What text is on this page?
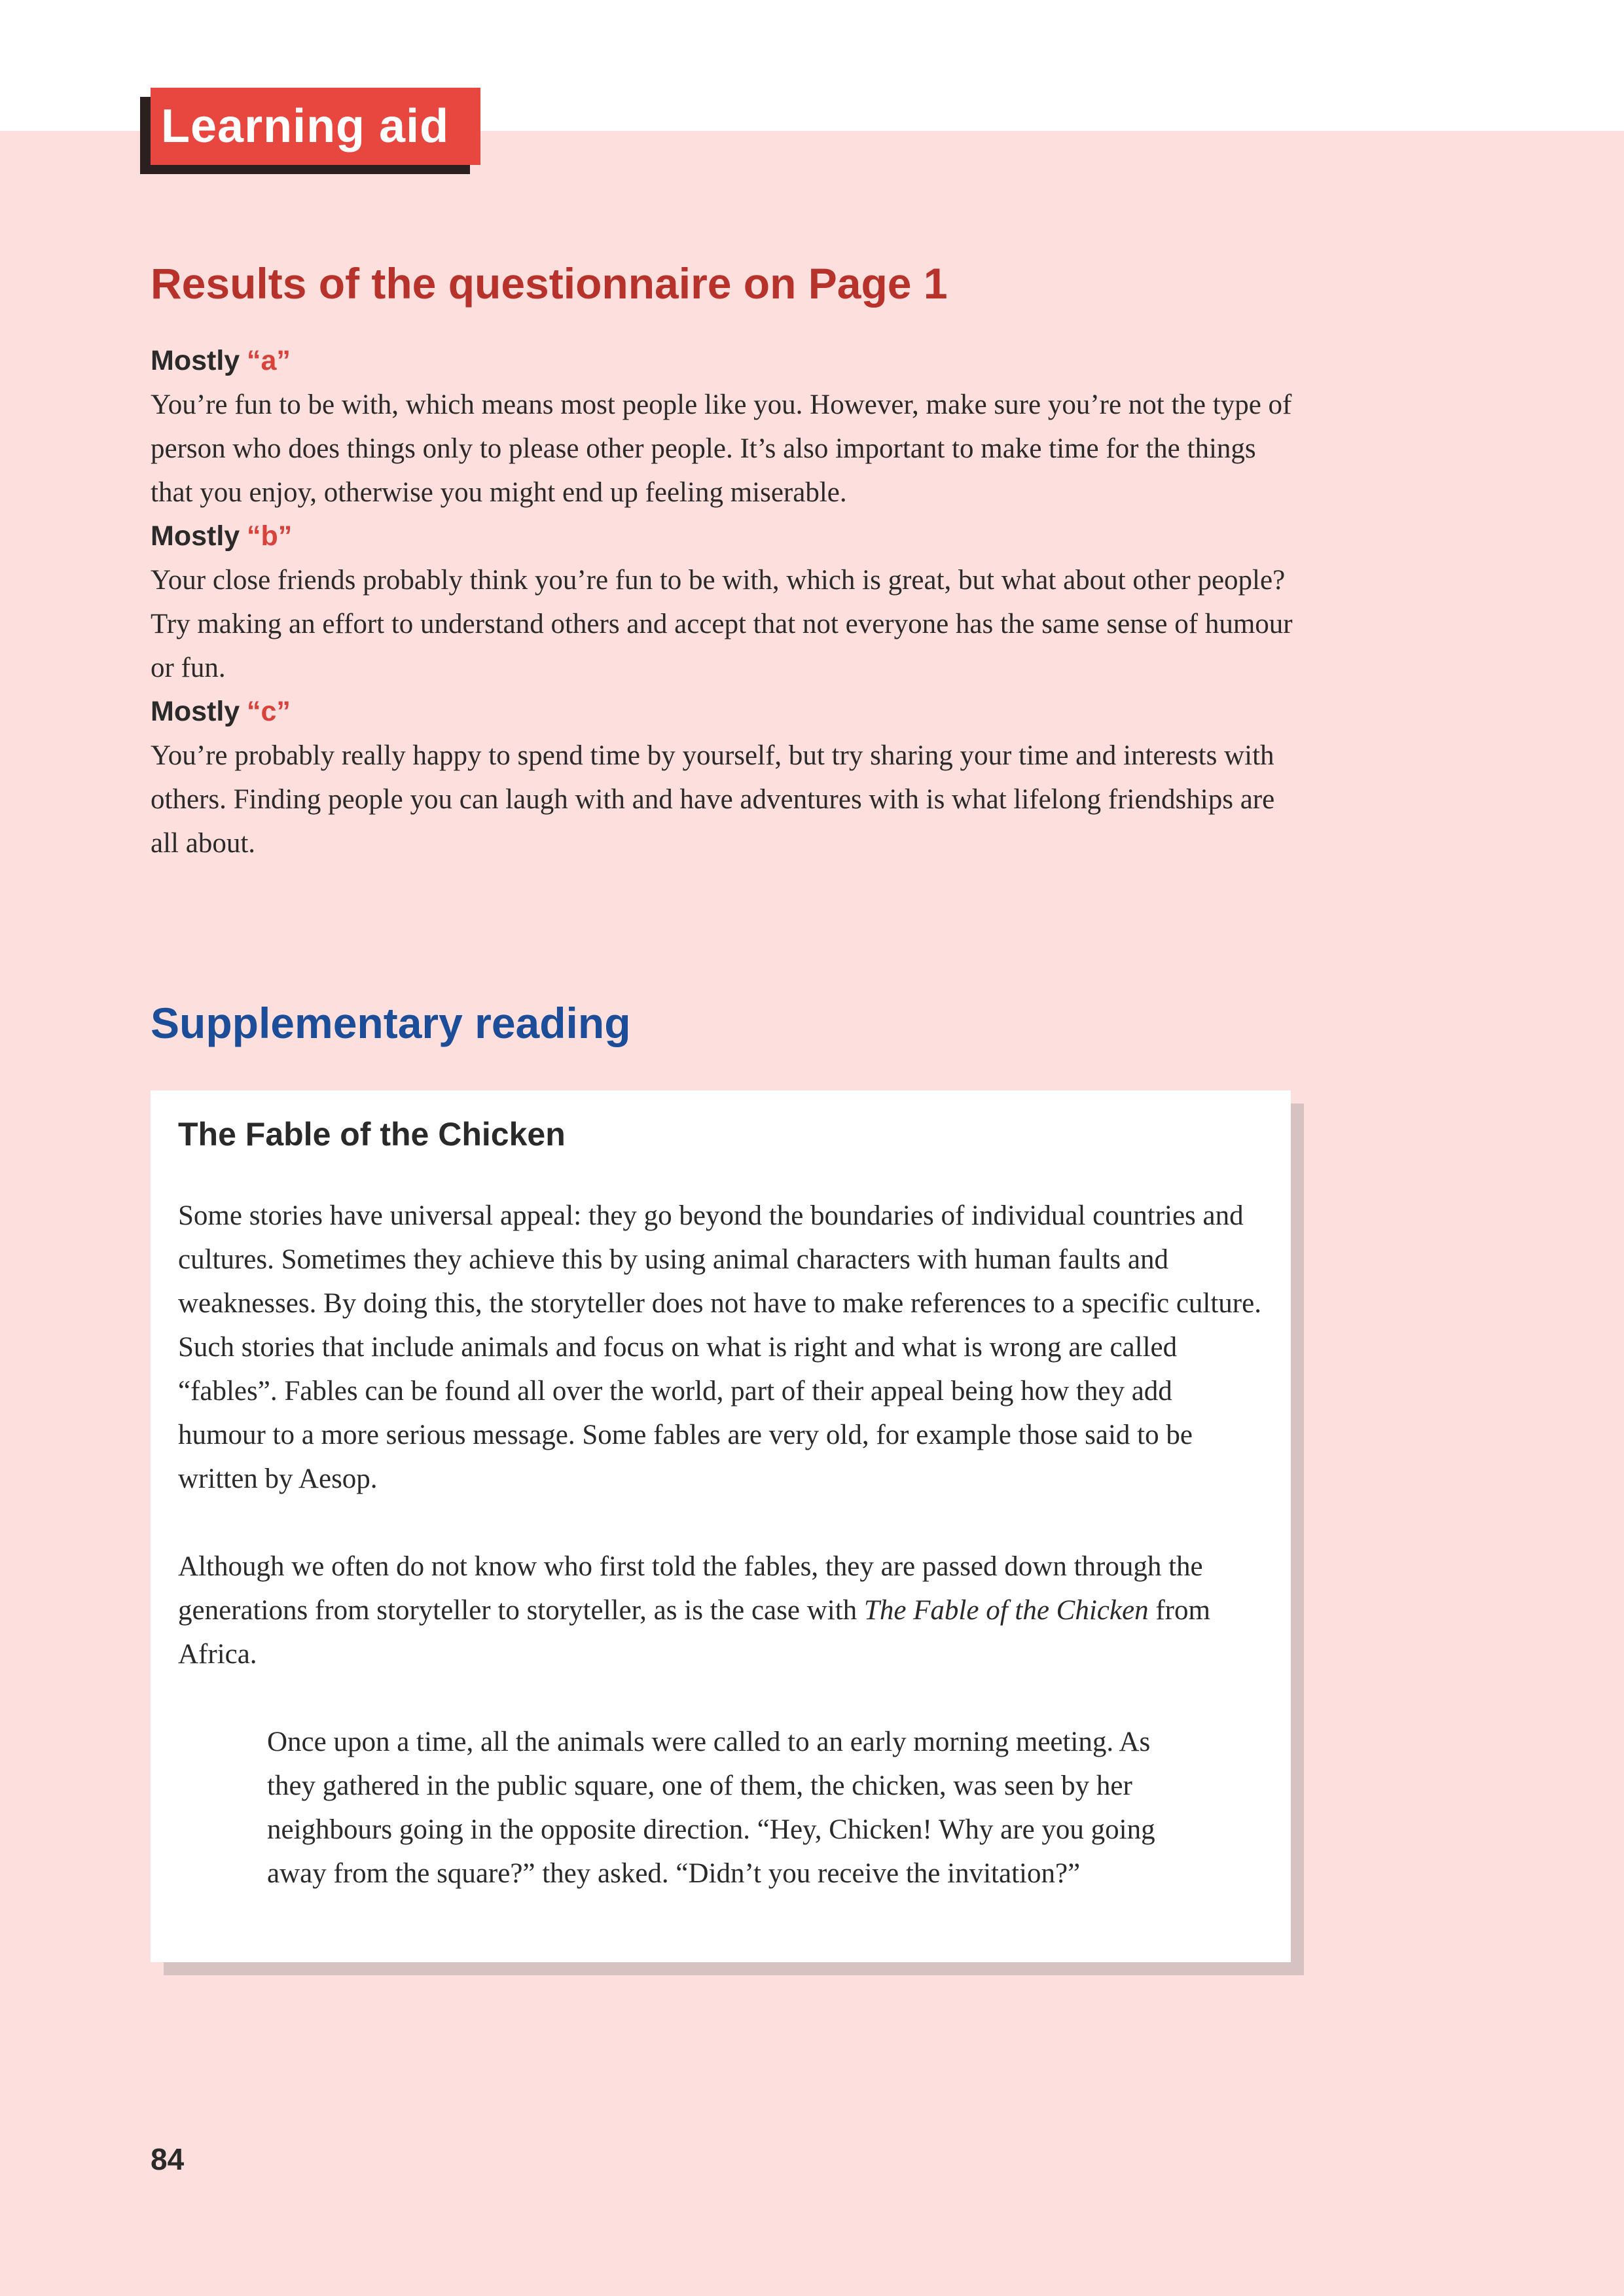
Learning aid
Results of the questionnaire on Page 1

Mostly “a”

You’re fun to be with, which means most people like you. However, make sure you’re not the type of person who does things only to please other people. It’s also important to make time for the things that you enjoy, otherwise you might end up feeling miserable.

Mostly “b”

Your close friends probably think you’re fun to be with, which is great, but what about other people? Try making an effort to understand others and accept that not everyone has the same sense of humour or fun.

Mostly “c”

You’re probably really happy to spend time by yourself, but try sharing your time and interests with others. Finding people you can laugh with and have adventures with is what lifelong friendships are all about.

Supplementary reading
The Fable of the Chicken

Some stories have universal appeal: they go beyond the boundaries of individual countries and cultures. Sometimes they achieve this by using animal characters with human faults and weaknesses. By doing this, the storyteller does not have to make references to a specific culture. Such stories that include animals and focus on what is right and what is wrong are called “fables”. Fables can be found all over the world, part of their appeal being how they add humour to a more serious message. Some fables are very old, for example those said to be written by Aesop.

Although we often do not know who first told the fables, they are passed down through the generations from storyteller to storyteller, as is the case with The Fable of the Chicken from Africa.

Once upon a time, all the animals were called to an early morning meeting. As they gathered in the public square, one of them, the chicken, was seen by her neighbours going in the opposite direction. “Hey, Chicken! Why are you going away from the square?” they asked. “Didn’t you receive the invitation?”

84
